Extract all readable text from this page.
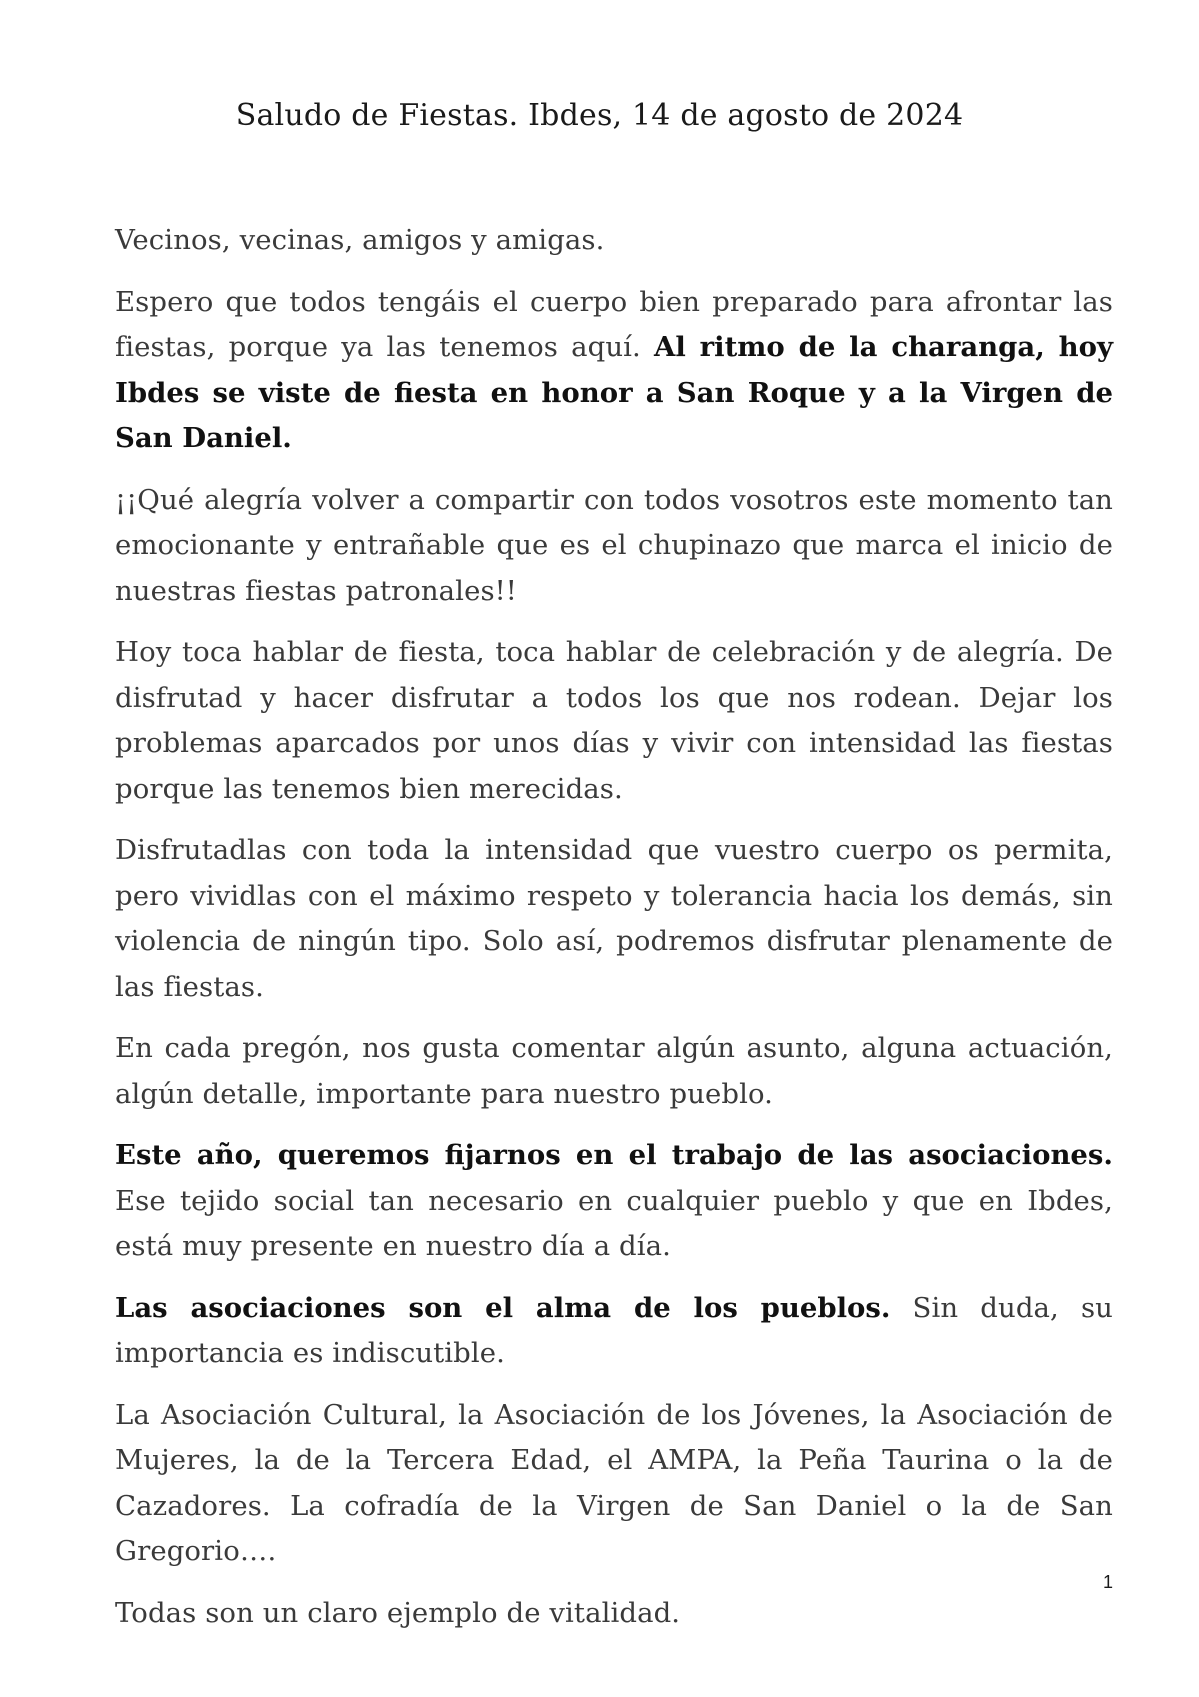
Saludo de Fiestas. Ibdes, 14 de agosto de 2024

Vecinos, vecinas, amigos y amigas.

Espero que todos tengáis el cuerpo bien preparado para afrontar las fiestas, porque ya las tenemos aquí. Al ritmo de la charanga, hoy Ibdes se viste de fiesta en honor a San Roque y a la Virgen de San Daniel.

¡¡Qué alegría volver a compartir con todos vosotros este momento tan emocionante y entrañable que es el chupinazo que marca el inicio de nuestras fiestas patronales!!

Hoy toca hablar de fiesta, toca hablar de celebración y de alegría. De disfrutad y hacer disfrutar a todos los que nos rodean. Dejar los problemas aparcados por unos días y vivir con intensidad las fiestas porque las tenemos bien merecidas.

Disfrutadlas con toda la intensidad que vuestro cuerpo os permita, pero vividlas con el máximo respeto y tolerancia hacia los demás, sin violencia de ningún tipo. Solo así, podremos disfrutar plenamente de las fiestas.

En cada pregón, nos gusta comentar algún asunto, alguna actuación, algún detalle, importante para nuestro pueblo.

Este año, queremos fijarnos en el trabajo de las asociaciones. Ese tejido social tan necesario en cualquier pueblo y que en Ibdes, está muy presente en nuestro día a día.

Las asociaciones son el alma de los pueblos. Sin duda, su importancia es indiscutible.

La Asociación Cultural, la Asociación de los Jóvenes, la Asociación de Mujeres, la de la Tercera Edad, el AMPA, la Peña Taurina o la de Cazadores. La cofradía de la Virgen de San Daniel o la de San Gregorio….

Todas son un claro ejemplo de vitalidad.

1
